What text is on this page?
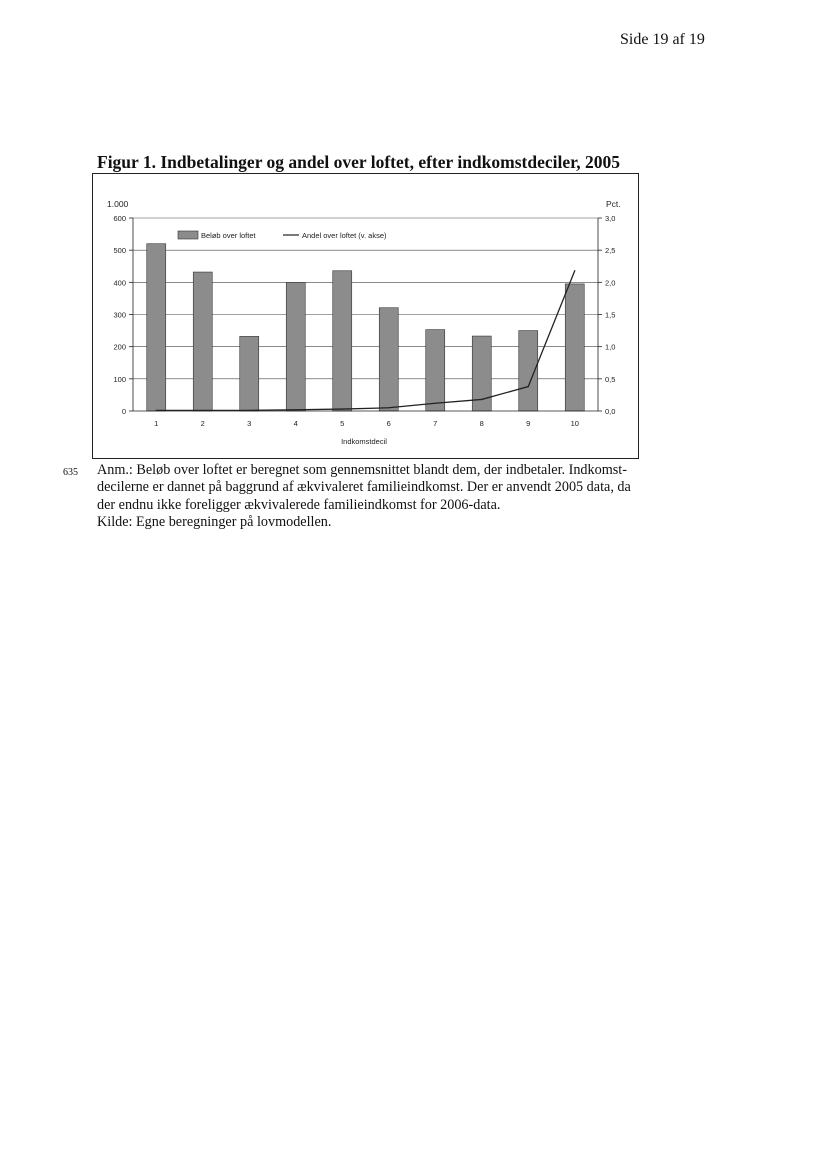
Side 19 af 19
Figur 1. Indbetalinger og andel over loftet, efter indkomstdeciler, 2005
1.000	Pct.
0
100
200
300
400
500
600
0,0
0,5
1,0
1,5
2,0
2,5
3,0
1	2	3	4	5	6	7	8	9	10
Beløb over loftet	Andel over loftet (v. akse)
Indkomstdecil
635 Anm.: Beløb over loftet er beregnet som gennemsnittet blandt dem, der indbetaler. Indkomst-

decilerne er dannet på baggrund af ækvivaleret familieindkomst. Der er anvendt 2005 data, da

der endnu ikke foreligger ækvivalerede familieindkomst for 2006-data.

Kilde: Egne beregninger på lovmodellen.
